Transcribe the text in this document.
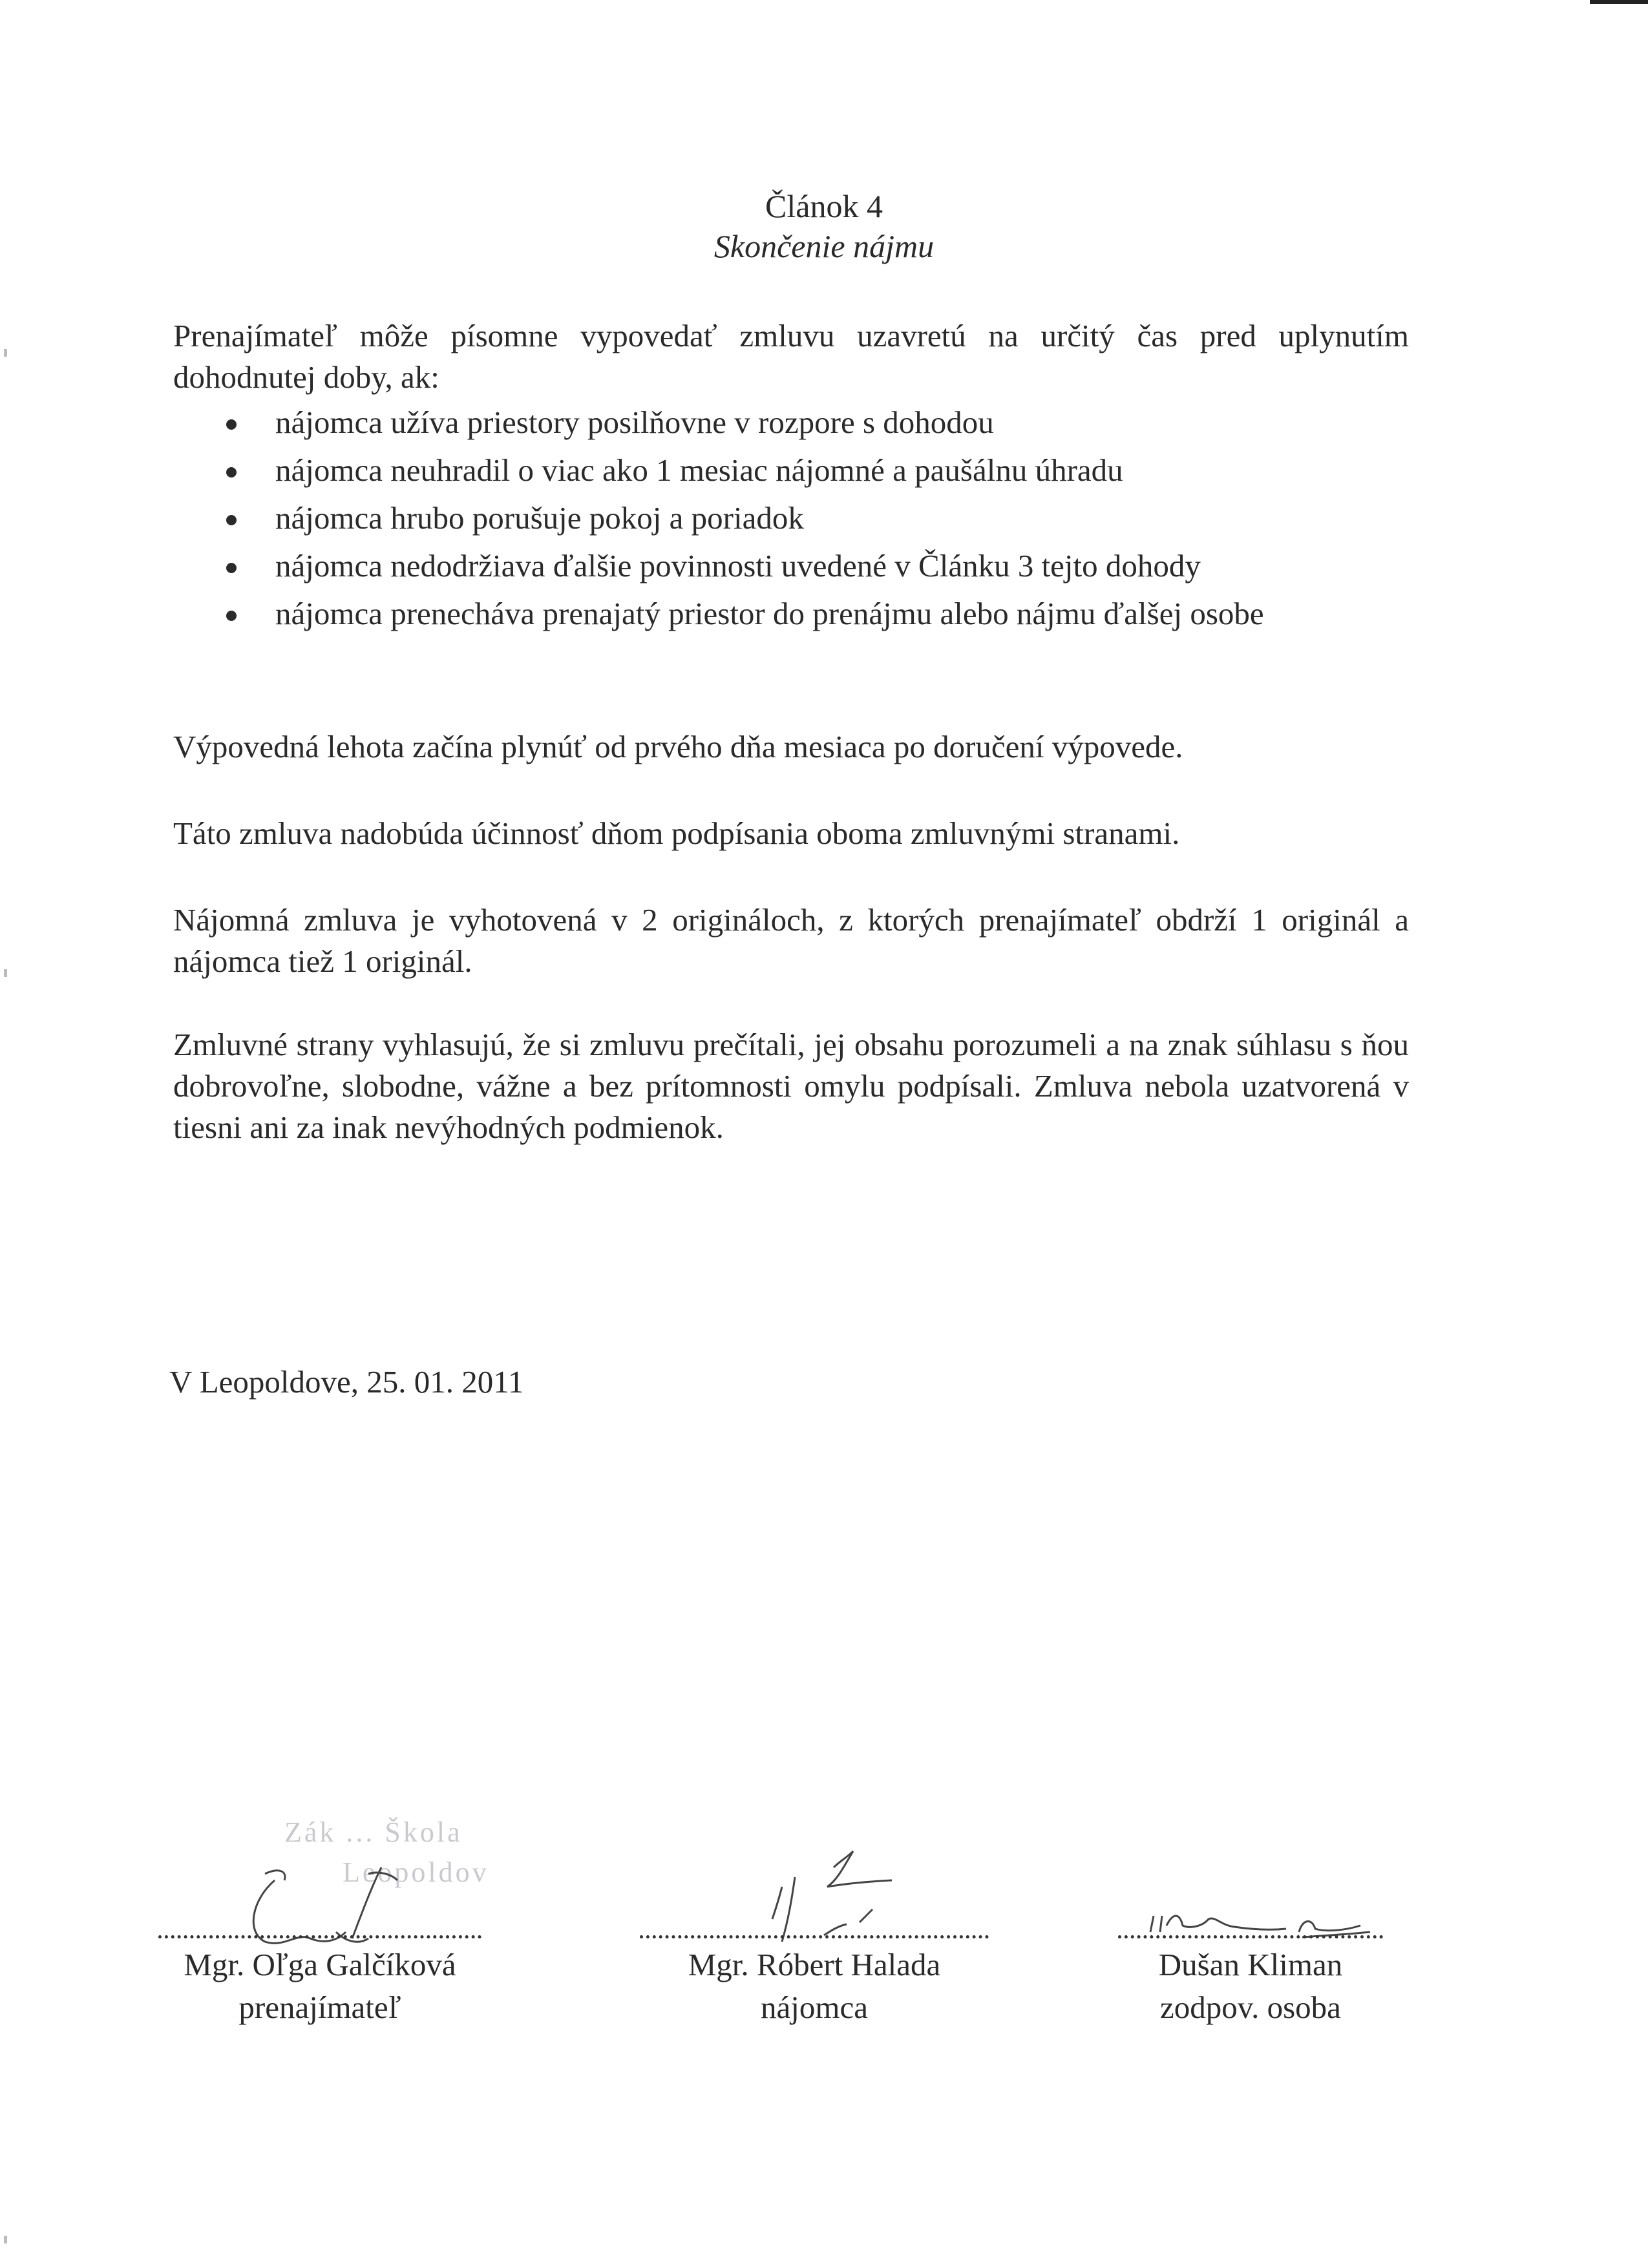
Článok 4
Skončenie nájmu
Prenajímateľ môže písomne vypovedať zmluvu uzavretú na určitý čas pred uplynutím dohodnutej doby, ak:
nájomca užíva priestory posilňovne v rozpore s dohodou
nájomca neuhradil o viac ako 1 mesiac nájomné a paušálnu úhradu
nájomca hrubo porušuje pokoj a poriadok
nájomca nedodržiava ďalšie povinnosti uvedené v Článku 3 tejto dohody
nájomca prenecháva prenajatý priestor do prenájmu alebo nájmu ďalšej osobe
Výpovedná lehota začína plynúť od prvého dňa mesiaca po doručení výpovede.
Táto zmluva nadobúda účinnosť dňom podpísania oboma zmluvnými stranami.
Nájomná zmluva je vyhotovená v 2 origináloch, z ktorých prenajímateľ obdrží 1 originál a nájomca tiež 1 originál.
Zmluvné strany vyhlasujú, že si zmluvu prečítali, jej obsahu porozumeli a na znak súhlasu s ňou dobrovoľne, slobodne, vážne a bez prítomnosti omylu podpísali. Zmluva nebola uzatvorená v tiesni ani za inak nevýhodných podmienok.
V Leopoldove, 25. 01. 2011
Zák ... Škola
Leopoldov
Mgr. Oľga Galčíková
prenajímateľ
Mgr. Róbert Halada
nájomca
Dušan Kliman
zodpov. osoba
